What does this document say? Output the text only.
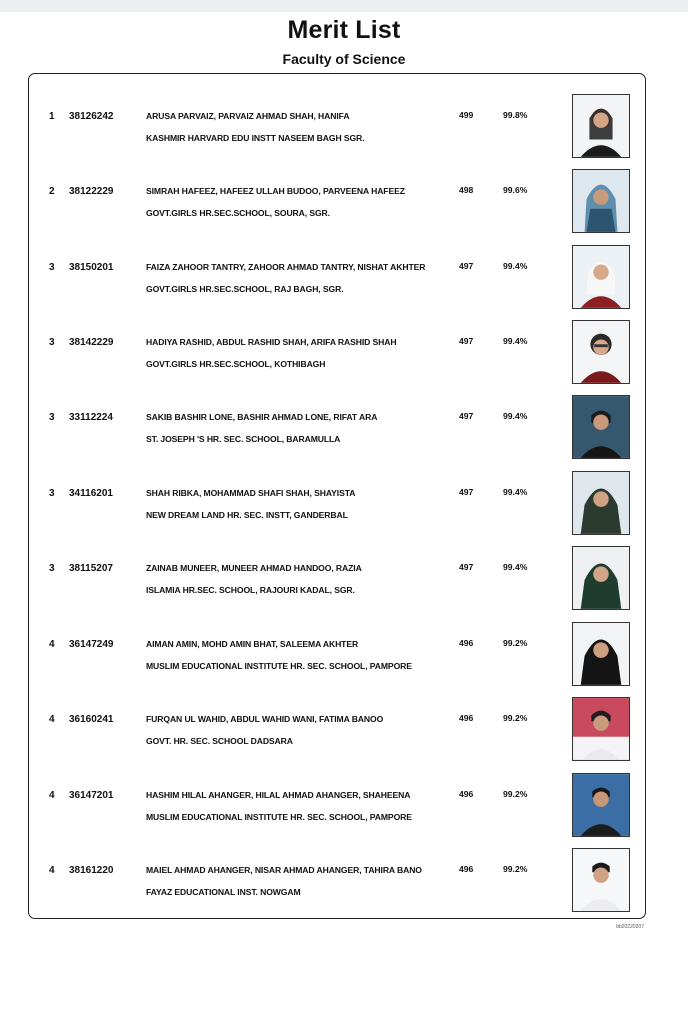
Merit List
Faculty of Science
1 38126242	ARUSA PARVAIZ, PARVAIZ AHMAD SHAH, HANIFA
KASHMIR HARVARD EDU INSTT NASEEM BAGH SGR.
499	99.8%
2 38122229	SIMRAH HAFEEZ, HAFEEZ ULLAH BUDOO, PARVEENA HAFEEZ
GOVT.GIRLS HR.SEC.SCHOOL, SOURA, SGR.
498	99.6%
3 38150201	FAIZA ZAHOOR TANTRY, ZAHOOR AHMAD TANTRY, NISHAT AKHTER
GOVT.GIRLS HR.SEC.SCHOOL, RAJ BAGH, SGR.
497	99.4%
3 38142229	HADIYA RASHID, ABDUL RASHID SHAH, ARIFA RASHID SHAH
GOVT.GIRLS HR.SEC.SCHOOL, KOTHIBAGH
497	99.4%
3 33112224	SAKIB BASHIR LONE, BASHIR AHMAD LONE, RIFAT ARA
ST. JOSEPH 'S HR. SEC. SCHOOL, BARAMULLA
497	99.4%
3 34116201	SHAH RIBKA, MOHAMMAD SHAFI SHAH, SHAYISTA
NEW DREAM LAND HR. SEC. INSTT, GANDERBAL
497	99.4%
3 38115207	ZAINAB MUNEER, MUNEER AHMAD HANDOO, RAZIA
ISLAMIA HR.SEC. SCHOOL, RAJOURI KADAL, SGR.
497	99.4%
4 36147249	AIMAN AMIN, MOHD AMIN BHAT, SALEEMA AKHTER
MUSLIM EDUCATIONAL INSTITUTE HR. SEC. SCHOOL, PAMPORE
496	99.2%
4 36160241	FURQAN UL WAHID, ABDUL WAHID WANI, FATIMA BANOO
GOVT. HR. SEC. SCHOOL DADSARA
496	99.2%
4 36147201	HASHIM HILAL AHANGER, HILAL AHMAD AHANGER, SHAHEENA
MUSLIM EDUCATIONAL INSTITUTE HR. SEC. SCHOOL, PAMPORE
496	99.2%
4 38161220	MAIEL AHMAD AHANGER, NISAR AHMAD AHANGER, TAHIRA BANO
FAYAZ EDUCATIONAL INST. NOWGAM
496	99.2%
bb20220207
